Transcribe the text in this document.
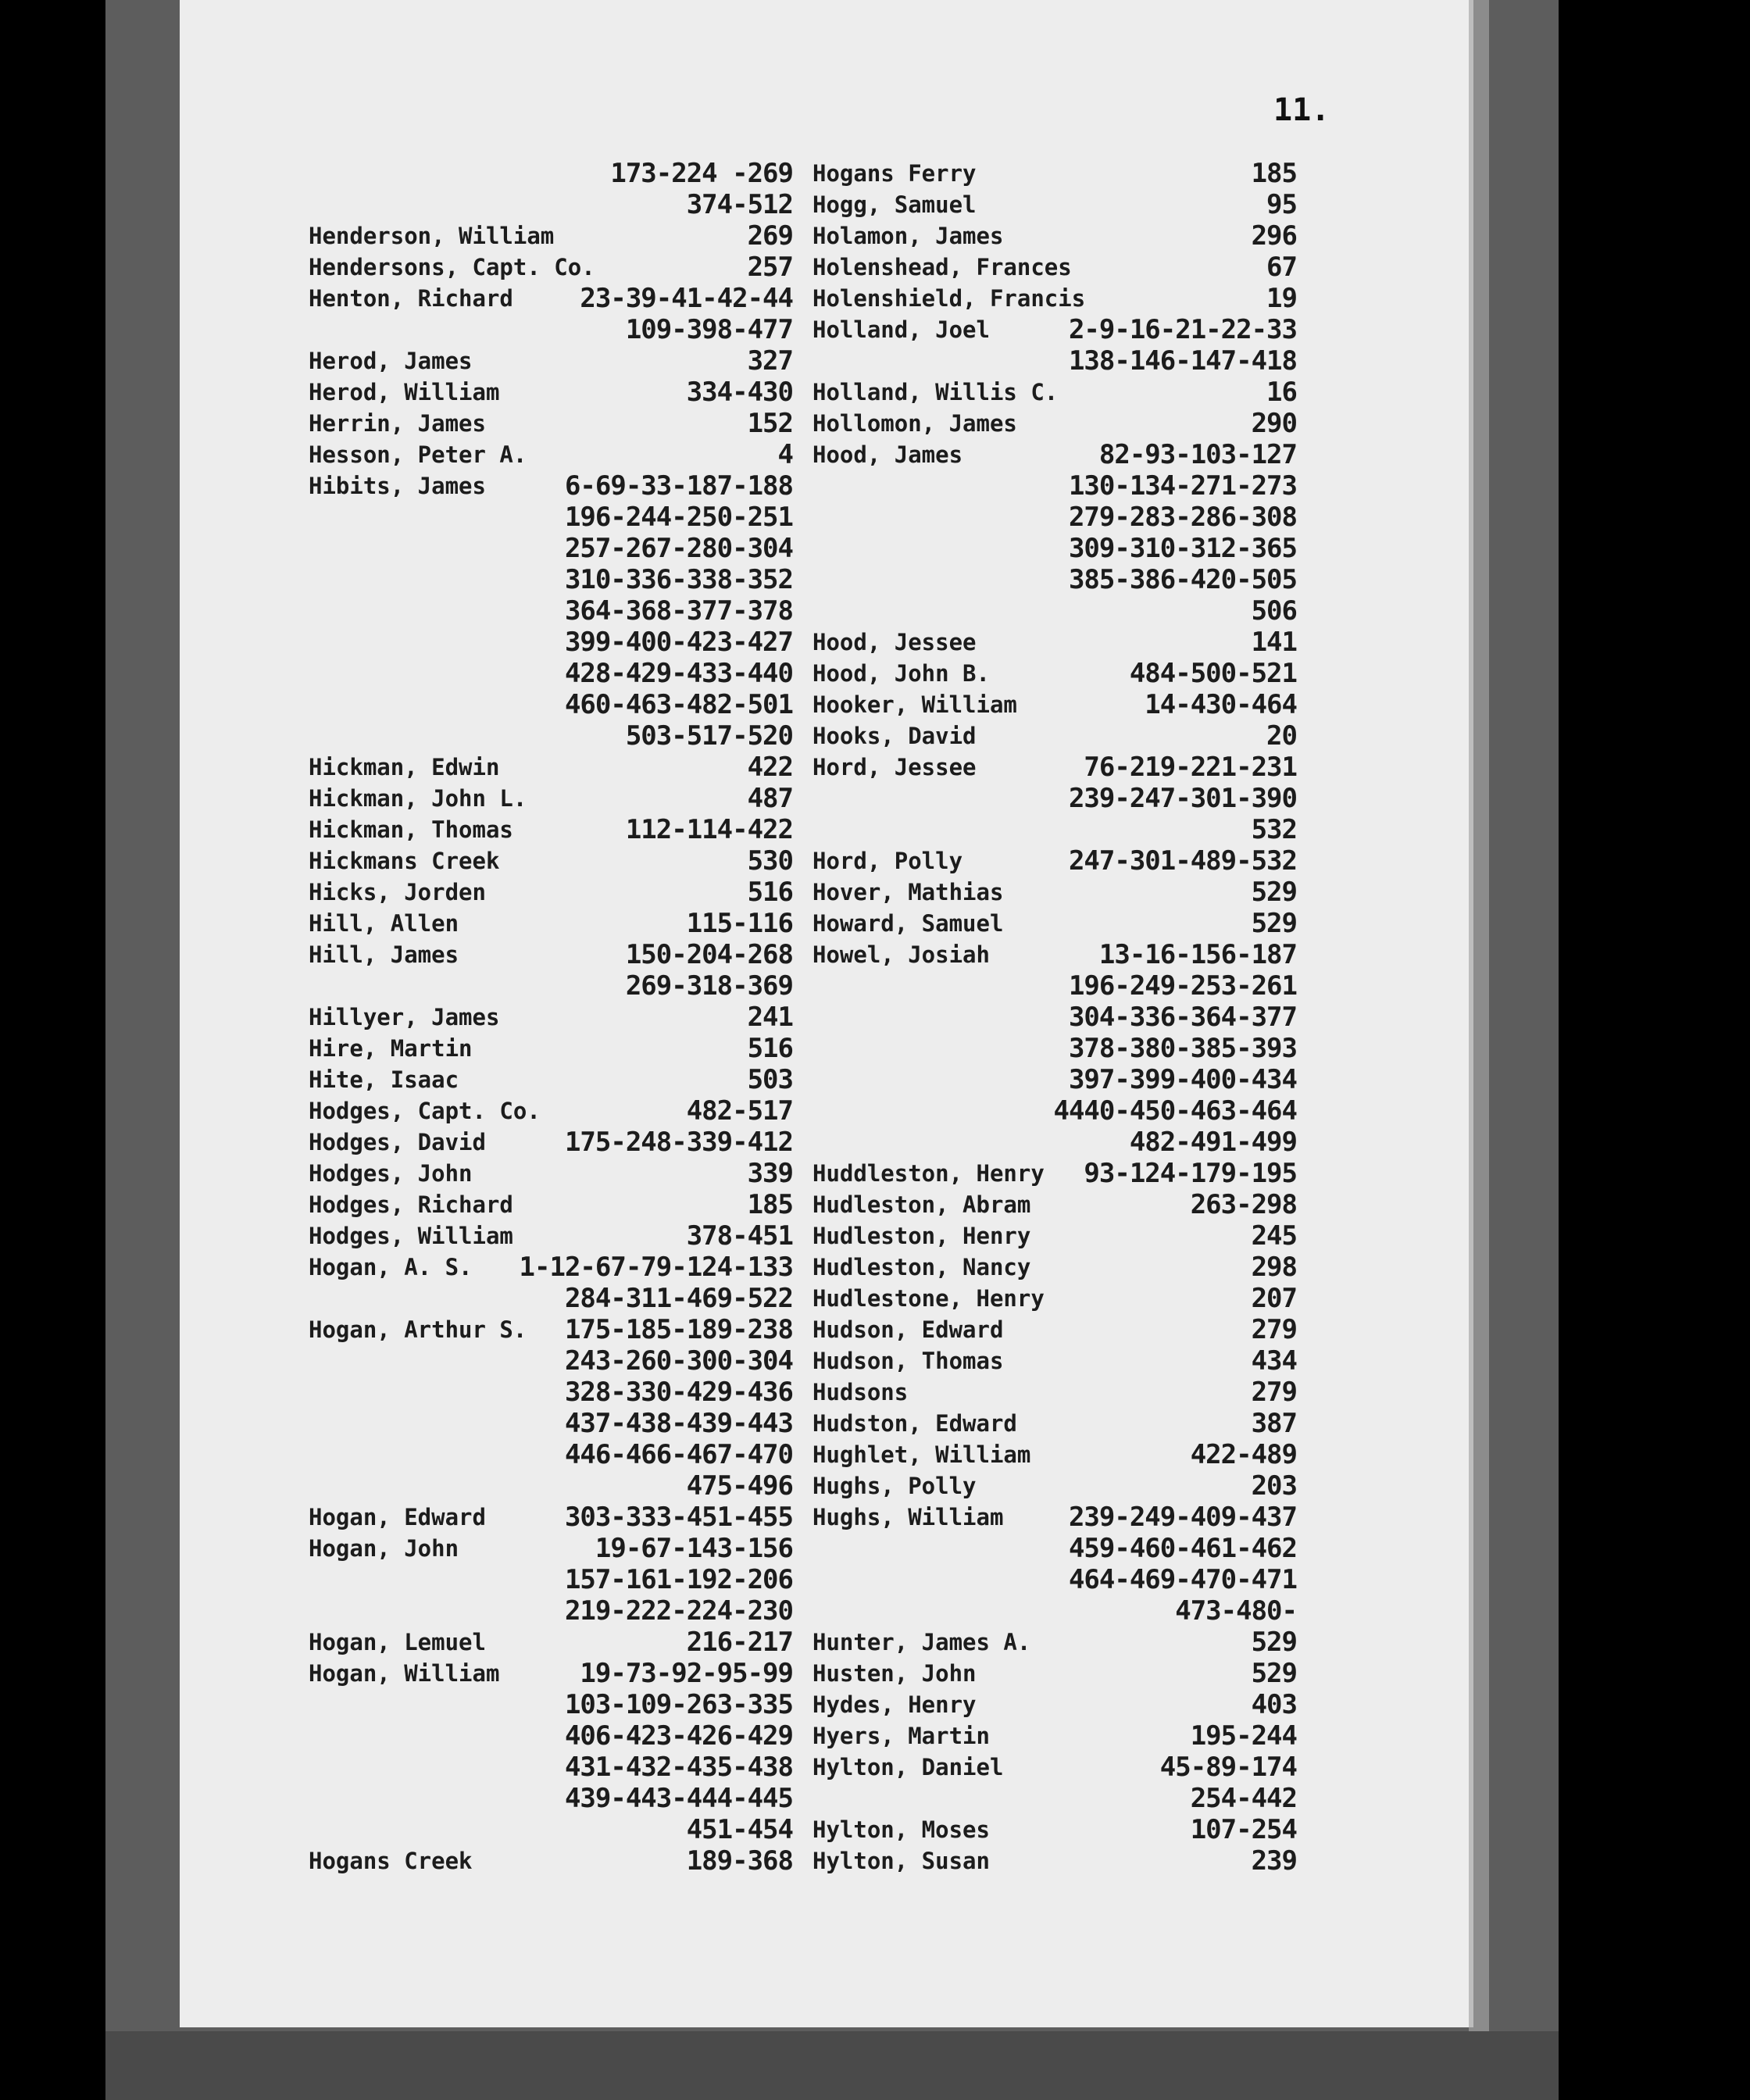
11.
173-224 -269
374-512
Henderson, William	269
Hendersons, Capt. Co.	257
Henton, Richard	23-39-41-42-44
109-398-477
Herod, James	327
Herod, William	334-430
Herrin, James	152
Hesson, Peter A.	4
Hibits, James	6-69-33-187-188
196-244-250-251
257-267-280-304
310-336-338-352
364-368-377-378
399-400-423-427
428-429-433-440
460-463-482-501
503-517-520
Hickman, Edwin	422
Hickman, John L.	487
Hickman, Thomas	112-114-422
Hickmans Creek	530
Hicks, Jorden	516
Hill, Allen	115-116
Hill, James	150-204-268
269-318-369
Hillyer, James	241
Hire, Martin	516
Hite, Isaac	503
Hodges, Capt. Co.	482-517
Hodges, David	175-248-339-412
Hodges, John	339
Hodges, Richard	185
Hodges, William	378-451
Hogan, A. S. 1-12-67-79-124-133
284-311-469-522
Hogan, Arthur S. 175-185-189-238
243-260-300-304
328-330-429-436
437-438-439-443
446-466-467-470
475-496
Hogan, Edward	303-333-451-455
Hogan, John	19-67-143-156
157-161-192-206
219-222-224-230
Hogan, Lemuel	216-217
Hogan, William	19-73-92-95-99
103-109-263-335
406-423-426-429
431-432-435-438
439-443-444-445
451-454
Hogans Creek	189-368
Hogans Ferry	185
Hogg, Samuel	95
Holamon, James	296
Holenshead, Frances	67
Holenshield, Francis	19
Holland, Joel	2-9-16-21-22-33
138-146-147-418
Holland, Willis C.	16
Hollomon, James	290
Hood, James	82-93-103-127
130-134-271-273
279-283-286-308
309-310-312-365
385-386-420-505
506
Hood, Jessee	141
Hood, John B.	484-500-521
Hooker, William	14-430-464
Hooks, David	20
Hord, Jessee	76-219-221-231
239-247-301-390
532
Hord, Polly	247-301-489-532
Hover, Mathias	529
Howard, Samuel	529
Howel, Josiah	13-16-156-187
196-249-253-261
304-336-364-377
378-380-385-393
397-399-400-434
4440-450-463-464
482-491-499
Huddleston, Henry 93-124-179-195
Hudleston, Abram	263-298
Hudleston, Henry	245
Hudleston, Nancy	298
Hudlestone, Henry	207
Hudson, Edward	279
Hudson, Thomas	434
Hudsons	279
Hudston, Edward	387
Hughlet, William	422-489
Hughs, Polly	203
Hughs, William 239-249-409-437
459-460-461-462
464-469-470-471
473-480-
Hunter, James A.	529
Husten, John	529
Hydes, Henry	403
Hyers, Martin	195-244
Hylton, Daniel	45-89-174
254-442
Hylton, Moses	107-254
Hylton, Susan	239
